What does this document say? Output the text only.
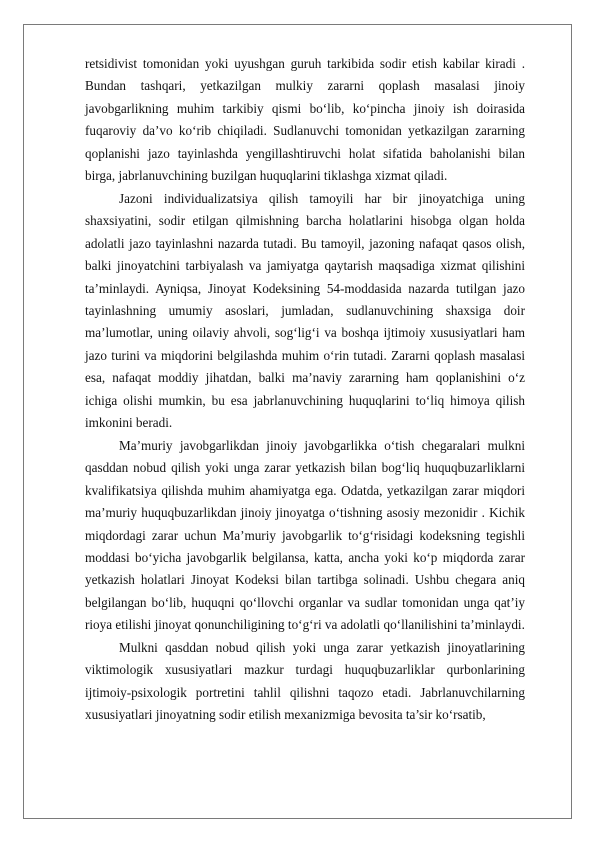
retsidivist tomonidan yoki uyushgan guruh tarkibida sodir etish kabilar kiradi . Bundan tashqari, yetkazilgan mulkiy zararni qoplash masalasi jinoiy javobgarlikning muhim tarkibiy qismi bo‘lib, ko‘pincha jinoiy ish doirasida fuqaroviy da’vo ko‘rib chiqiladi. Sudlanuvchi tomonidan yetkazilgan zararning qoplanishi jazo tayinlashda yengillashtiruvchi holat sifatida baholanishi bilan birga, jabrlanuvchining buzilgan huquqlarini tiklashga xizmat qiladi.

Jazoni individualizatsiya qilish tamoyili har bir jinoyatchiga uning shaxsiyatini, sodir etilgan qilmishning barcha holatlarini hisobga olgan holda adolatli jazo tayinlashni nazarda tutadi. Bu tamoyil, jazoning nafaqat qasos olish, balki jinoyatchini tarbiyalash va jamiyatga qaytarish maqsadiga xizmat qilishini ta’minlaydi. Ayniqsa, Jinoyat Kodeksining 54-moddasida nazarda tutilgan jazo tayinlashning umumiy asoslari, jumladan, sudlanuvchining shaxsiga doir ma’lumotlar, uning oilaviy ahvoli, sog‘lig‘i va boshqa ijtimoiy xususiyatlari ham jazo turini va miqdorini belgilashda muhim o‘rin tutadi. Zararni qoplash masalasi esa, nafaqat moddiy jihatdan, balki ma’naviy zararning ham qoplanishini o‘z ichiga olishi mumkin, bu esa jabrlanuvchining huquqlarini to‘liq himoya qilish imkonini beradi.

Ma’muriy javobgarlikdan jinoiy javobgarlikka o‘tish chegaralari mulkni qasddan nobud qilish yoki unga zarar yetkazish bilan bog‘liq huquqbuzarliklarni kvalifikatsiya qilishda muhim ahamiyatga ega. Odatda, yetkazilgan zarar miqdori ma’muriy huquqbuzarlikdan jinoiy jinoyatga o‘tishning asosiy mezonidir . Kichik miqdordagi zarar uchun Ma’muriy javobgarlik to‘g‘risidagi kodeksning tegishli moddasi bo‘yicha javobgarlik belgilansa, katta, ancha yoki ko‘p miqdorda zarar yetkazish holatlari Jinoyat Kodeksi bilan tartibga solinadi. Ushbu chegara aniq belgilangan bo‘lib, huquqni qo‘llovchi organlar va sudlar tomonidan unga qat’iy rioya etilishi jinoyat qonunchiligining to‘g‘ri va adolatli qo‘llanilishini ta’minlaydi.

Mulkni qasddan nobud qilish yoki unga zarar yetkazish jinoyatlarining viktimologik xususiyatlari mazkur turdagi huquqbuzarliklar qurbonlarining ijtimoiy-psixologik portretini tahlil qilishni taqozo etadi. Jabrlanuvchilarning xususiyatlari jinoyatning sodir etilish mexanizmiga bevosita ta’sir ko‘rsatib,
